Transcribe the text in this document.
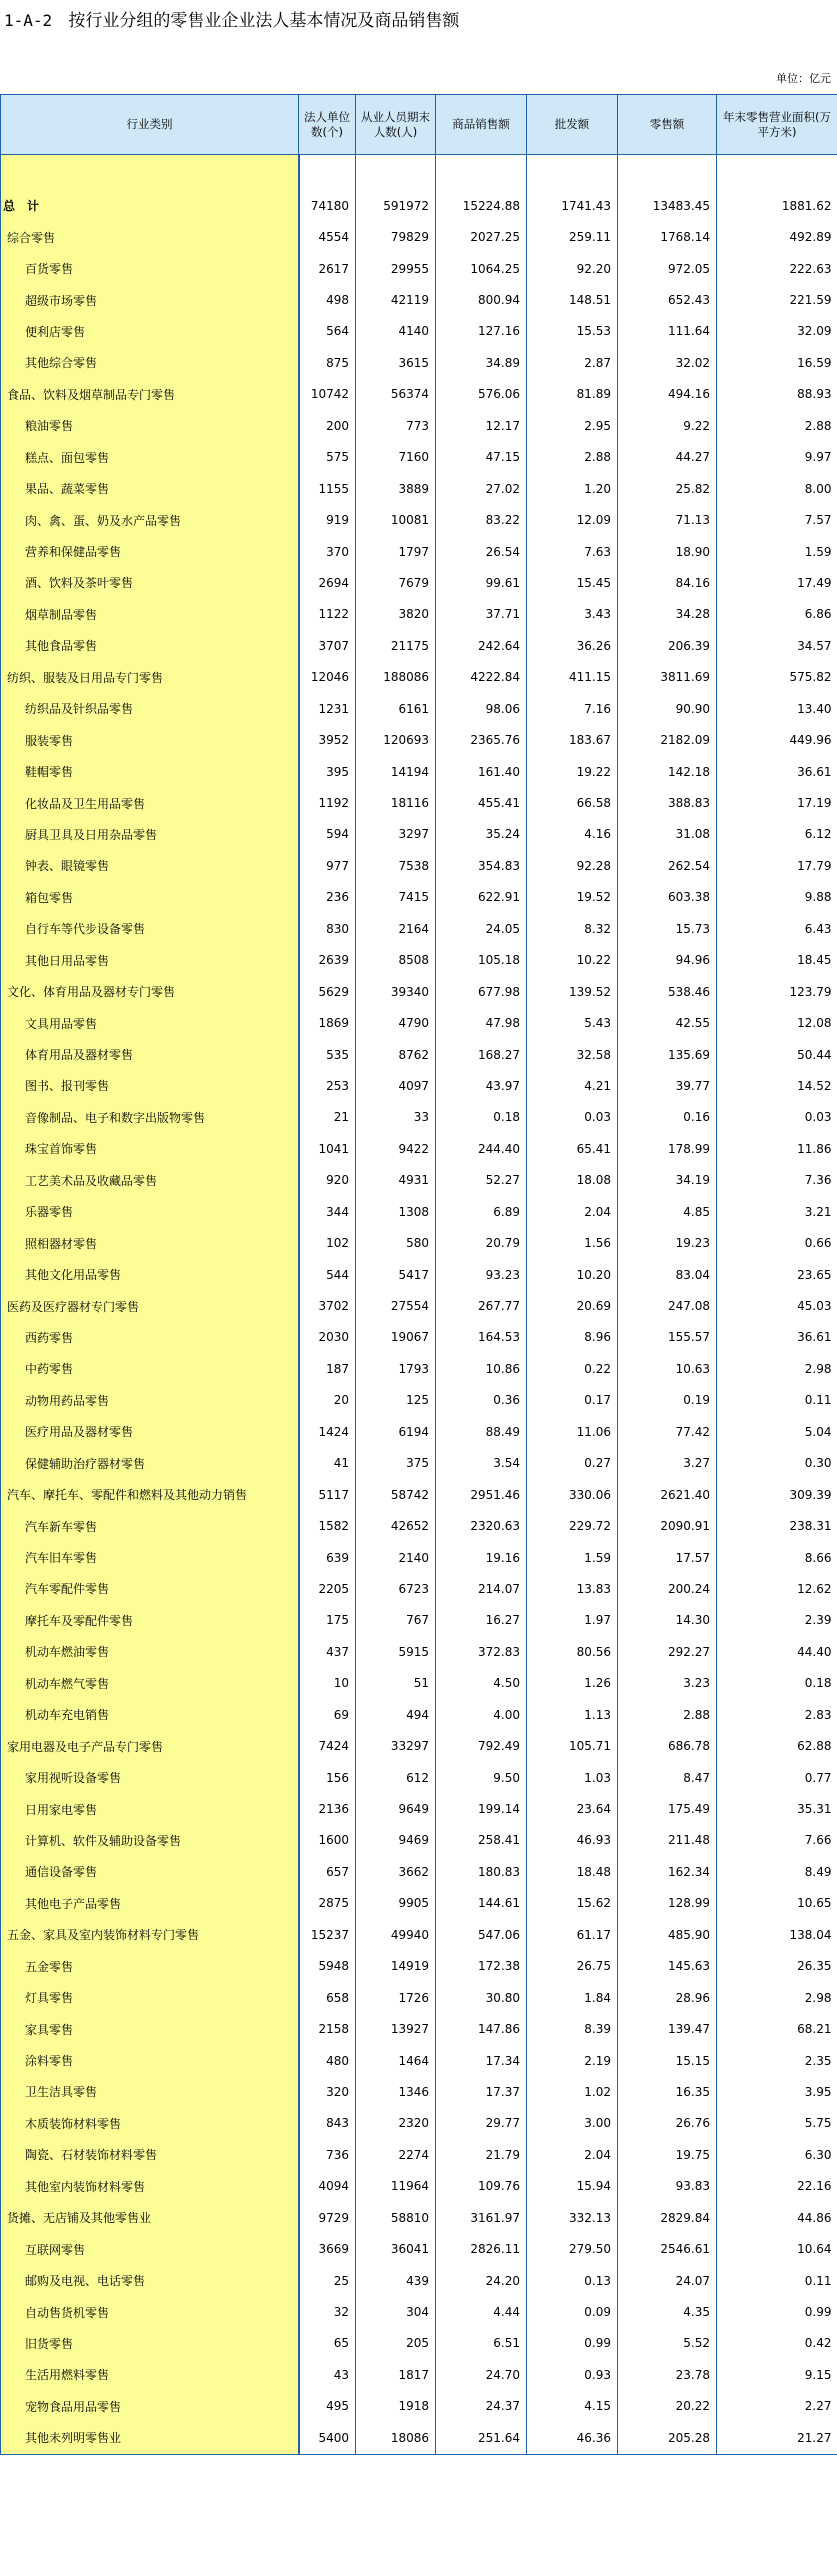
1-A-2 按行业分组的零售业企业法人基本情况及商品销售额
单位：亿元
行业类别	法人单位数(个)	从业人员期末人数(人)	商品销售额	批发额	零售额	年末零售营业面积(万平方米)

总　计	74180	591972	15224.88	1741.43	13483.45	1881.62
综合零售	4554	79829	2027.25	259.11	1768.14	492.89
百货零售	2617	29955	1064.25	92.20	972.05	222.63
超级市场零售	498	42119	800.94	148.51	652.43	221.59
便利店零售	564	4140	127.16	15.53	111.64	32.09
其他综合零售	875	3615	34.89	2.87	32.02	16.59
食品、饮料及烟草制品专门零售	10742	56374	576.06	81.89	494.16	88.93
粮油零售	200	773	12.17	2.95	9.22	2.88
糕点、面包零售	575	7160	47.15	2.88	44.27	9.97
果品、蔬菜零售	1155	3889	27.02	1.20	25.82	8.00
肉、禽、蛋、奶及水产品零售	919	10081	83.22	12.09	71.13	7.57
营养和保健品零售	370	1797	26.54	7.63	18.90	1.59
酒、饮料及茶叶零售	2694	7679	99.61	15.45	84.16	17.49
烟草制品零售	1122	3820	37.71	3.43	34.28	6.86
其他食品零售	3707	21175	242.64	36.26	206.39	34.57
纺织、服装及日用品专门零售	12046	188086	4222.84	411.15	3811.69	575.82
纺织品及针织品零售	1231	6161	98.06	7.16	90.90	13.40
服装零售	3952	120693	2365.76	183.67	2182.09	449.96
鞋帽零售	395	14194	161.40	19.22	142.18	36.61
化妆品及卫生用品零售	1192	18116	455.41	66.58	388.83	17.19
厨具卫具及日用杂品零售	594	3297	35.24	4.16	31.08	6.12
钟表、眼镜零售	977	7538	354.83	92.28	262.54	17.79
箱包零售	236	7415	622.91	19.52	603.38	9.88
自行车等代步设备零售	830	2164	24.05	8.32	15.73	6.43
其他日用品零售	2639	8508	105.18	10.22	94.96	18.45
文化、体育用品及器材专门零售	5629	39340	677.98	139.52	538.46	123.79
文具用品零售	1869	4790	47.98	5.43	42.55	12.08
体育用品及器材零售	535	8762	168.27	32.58	135.69	50.44
图书、报刊零售	253	4097	43.97	4.21	39.77	14.52
音像制品、电子和数字出版物零售	21	33	0.18	0.03	0.16	0.03
珠宝首饰零售	1041	9422	244.40	65.41	178.99	11.86
工艺美术品及收藏品零售	920	4931	52.27	18.08	34.19	7.36
乐器零售	344	1308	6.89	2.04	4.85	3.21
照相器材零售	102	580	20.79	1.56	19.23	0.66
其他文化用品零售	544	5417	93.23	10.20	83.04	23.65
医药及医疗器材专门零售	3702	27554	267.77	20.69	247.08	45.03
西药零售	2030	19067	164.53	8.96	155.57	36.61
中药零售	187	1793	10.86	0.22	10.63	2.98
动物用药品零售	20	125	0.36	0.17	0.19	0.11
医疗用品及器材零售	1424	6194	88.49	11.06	77.42	5.04
保健辅助治疗器材零售	41	375	3.54	0.27	3.27	0.30
汽车、摩托车、零配件和燃料及其他动力销售	5117	58742	2951.46	330.06	2621.40	309.39
汽车新车零售	1582	42652	2320.63	229.72	2090.91	238.31
汽车旧车零售	639	2140	19.16	1.59	17.57	8.66
汽车零配件零售	2205	6723	214.07	13.83	200.24	12.62
摩托车及零配件零售	175	767	16.27	1.97	14.30	2.39
机动车燃油零售	437	5915	372.83	80.56	292.27	44.40
机动车燃气零售	10	51	4.50	1.26	3.23	0.18
机动车充电销售	69	494	4.00	1.13	2.88	2.83
家用电器及电子产品专门零售	7424	33297	792.49	105.71	686.78	62.88
家用视听设备零售	156	612	9.50	1.03	8.47	0.77
日用家电零售	2136	9649	199.14	23.64	175.49	35.31
计算机、软件及辅助设备零售	1600	9469	258.41	46.93	211.48	7.66
通信设备零售	657	3662	180.83	18.48	162.34	8.49
其他电子产品零售	2875	9905	144.61	15.62	128.99	10.65
五金、家具及室内装饰材料专门零售	15237	49940	547.06	61.17	485.90	138.04
五金零售	5948	14919	172.38	26.75	145.63	26.35
灯具零售	658	1726	30.80	1.84	28.96	2.98
家具零售	2158	13927	147.86	8.39	139.47	68.21
涂料零售	480	1464	17.34	2.19	15.15	2.35
卫生洁具零售	320	1346	17.37	1.02	16.35	3.95
木质装饰材料零售	843	2320	29.77	3.00	26.76	5.75
陶瓷、石材装饰材料零售	736	2274	21.79	2.04	19.75	6.30
其他室内装饰材料零售	4094	11964	109.76	15.94	93.83	22.16
货摊、无店铺及其他零售业	9729	58810	3161.97	332.13	2829.84	44.86
互联网零售	3669	36041	2826.11	279.50	2546.61	10.64
邮购及电视、电话零售	25	439	24.20	0.13	24.07	0.11
自动售货机零售	32	304	4.44	0.09	4.35	0.99
旧货零售	65	205	6.51	0.99	5.52	0.42
生活用燃料零售	43	1817	24.70	0.93	23.78	9.15
宠物食品用品零售	495	1918	24.37	4.15	20.22	2.27
其他未列明零售业	5400	18086	251.64	46.36	205.28	21.27
